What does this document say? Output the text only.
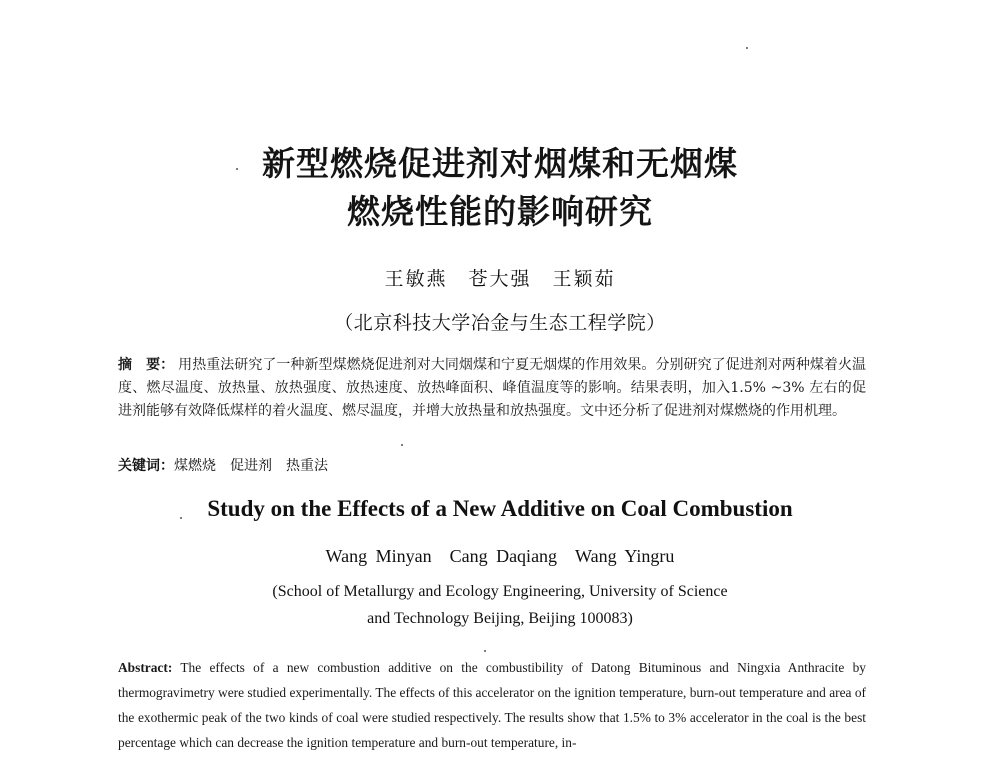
新型燃烧促进剂对烟煤和无烟煤
燃烧性能的影响研究
王敏燕　苍大强　王颖茹
（北京科技大学冶金与生态工程学院）
摘　要： 用热重法研究了一种新型煤燃烧促进剂对大同烟煤和宁夏无烟煤的作用效果。分别研究了促进剂对两种煤着火温度、燃尽温度、放热量、放热强度、放热速度、放热峰面积、峰值温度等的影响。结果表明，加入1.5% ~3% 左右的促进剂能够有效降低煤样的着火温度、燃尽温度，并增大放热量和放热强度。文中还分析了促进剂对煤燃烧的作用机理。
关键词：煤燃烧　促进剂　热重法
Study on the Effects of a New Additive on Coal Combustion
Wang Minyan　Cang Daqiang　Wang Yingru
(School of Metallurgy and Ecology Engineering, University of Science
and Technology Beijing, Beijing 100083)
Abstract: The effects of a new combustion additive on the combustibility of Datong Bituminous and Ningxia Anthracite by thermogravimetry were studied experimentally. The effects of this accelerator on the ignition temperature, burn-out temperature and area of the exothermic peak of the two kinds of coal were studied respectively. The results show that 1.5% to 3% accelerator in the coal is the best percentage which can decrease the ignition temperature and burn-out temperature, in-
